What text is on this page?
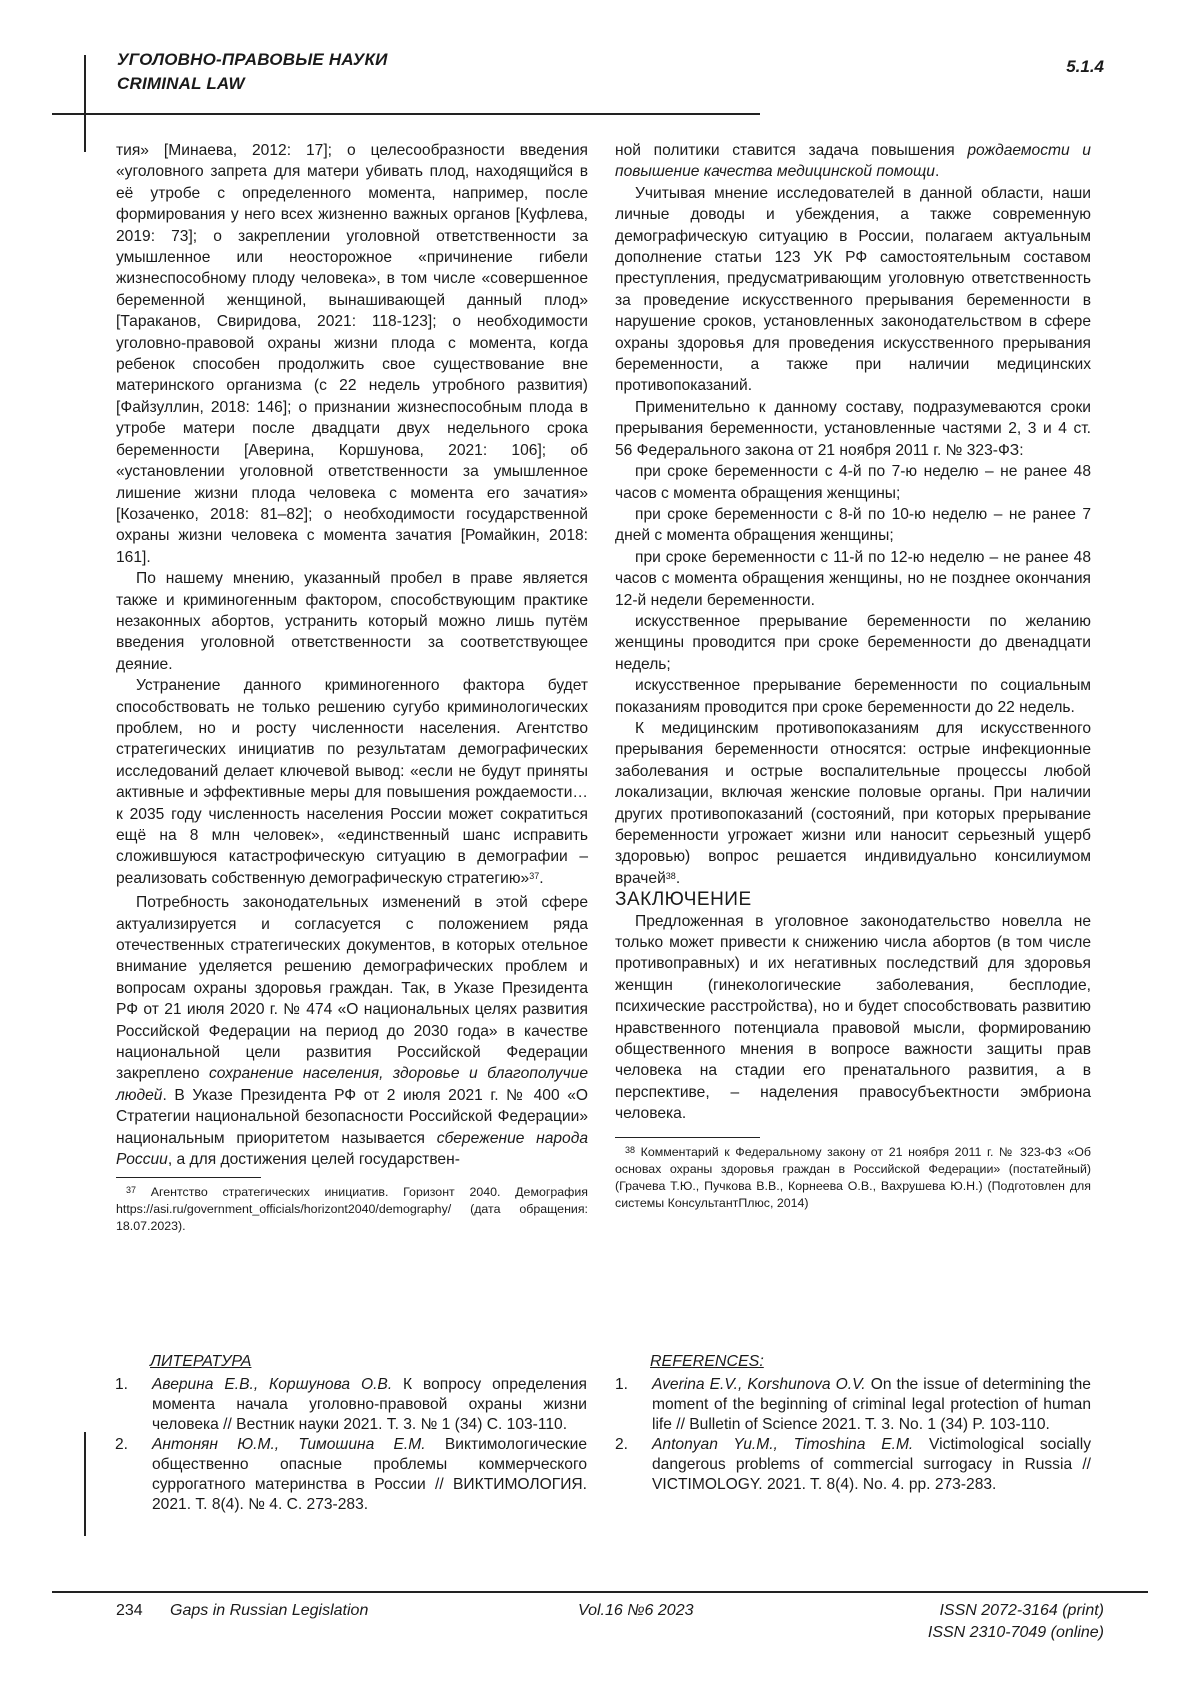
УГОЛОВНО-ПРАВОВЫЕ НАУКИ
CRIMINAL LAW
5.1.4

тия» [Минаева, 2012: 17]; о целесообразности введения «уголовного запрета для матери убивать плод, находящийся в её утробе с определенного момента, например, после формирования у него всех жизненно важных органов [Куфлева, 2019: 73]; о закреплении уголовной ответственности за умышленное или неосторожное «причинение гибели жизнеспособному плоду человека», в том числе «совершенное беременной женщиной, вынашивающей данный плод» [Тараканов, Свиридова, 2021: 118-123]; о необходимости уголовно-правовой охраны жизни плода с момента, когда ребенок способен продолжить свое существование вне материнского организма (с 22 недель утробного развития) [Файзуллин, 2018: 146]; о признании жизнеспособным плода в утробе матери после двадцати двух недельного срока беременности [Аверина, Коршунова, 2021: 106]; об «установлении уголовной ответственности за умышленное лишение жизни плода человека с момента его зачатия» [Козаченко, 2018: 81–82]; о необходимости государственной охраны жизни человека с момента зачатия [Ромайкин, 2018: 161].

По нашему мнению, указанный пробел в праве является также и криминогенным фактором, способствующим практике незаконных абортов, устранить который можно лишь путём введения уголовной ответственности за соответствующее деяние.

Устранение данного криминогенного фактора будет способствовать не только решению сугубо криминологических проблем, но и росту численности населения. Агентство стратегических инициатив по результатам демографических исследований делает ключевой вывод: «если не будут приняты активные и эффективные меры для повышения рождаемости…к 2035 году численность населения России может сократиться ещё на 8 млн человек», «единственный шанс исправить сложившуюся катастрофическую ситуацию в демографии – реализовать собственную демографическую стратегию»$^{37}$.

Потребность законодательных изменений в этой сфере актуализируется и согласуется с положением ряда отечественных стратегических документов, в которых отельное внимание уделяется решению демографических проблем и вопросам охраны здоровья граждан. Так, в Указе Президента РФ от 21 июля 2020 г. № 474 «О национальных целях развития Российской Федерации на период до 2030 года» в качестве национальной цели развития Российской Федерации закреплено сохранение населения, здоровье и благополучие людей. В Указе Президента РФ от 2 июля 2021 г. № 400 «О Стратегии национальной безопасности Российской Федерации» национальным приоритетом называется сбережение народа России, а для достижения целей государствен-

$^{37}$ Агентство стратегических инициатив. Горизонт 2040. Демография https://asi.ru/government_officials/horizont2040/demography/ (дата обращения: 18.07.2023).

ной политики ставится задача повышения рождаемости и повышение качества медицинской помощи.

Учитывая мнение исследователей в данной области, наши личные доводы и убеждения, а также современную демографическую ситуацию в России, полагаем актуальным дополнение статьи 123 УК РФ самостоятельным составом преступления, предусматривающим уголовную ответственность за проведение искусственного прерывания беременности в нарушение сроков, установленных законодательством в сфере охраны здоровья для проведения искусственного прерывания беременности, а также при наличии медицинских противопоказаний.

Применительно к данному составу, подразумеваются сроки прерывания беременности, установленные частями 2, 3 и 4 ст. 56 Федерального закона от 21 ноября 2011 г. № 323-ФЗ:

при сроке беременности с 4-й по 7-ю неделю – не ранее 48 часов с момента обращения женщины;

при сроке беременности с 8-й по 10-ю неделю – не ранее 7 дней с момента обращения женщины;

при сроке беременности с 11-й по 12-ю неделю – не ранее 48 часов с момента обращения женщины, но не позднее окончания 12-й недели беременности.

искусственное прерывание беременности по желанию женщины проводится при сроке беременности до двенадцати недель;

искусственное прерывание беременности по социальным показаниям проводится при сроке беременности до 22 недель.

К медицинским противопоказаниям для искусственного прерывания беременности относятся: острые инфекционные заболевания и острые воспалительные процессы любой локализации, включая женские половые органы. При наличии других противопоказаний (состояний, при которых прерывание беременности угрожает жизни или наносит серьезный ущерб здоровью) вопрос решается индивидуально консилиумом врачей$^{38}$.

ЗАКЛЮЧЕНИЕ

Предложенная в уголовное законодательство новелла не только может привести к снижению числа абортов (в том числе противоправных) и их негативных последствий для здоровья женщин (гинекологические заболевания, бесплодие, психические расстройства), но и будет способствовать развитию нравственного потенциала правовой мысли, формированию общественного мнения в вопросе важности защиты прав человека на стадии его пренатального развития, а в перспективе, – наделения правосубъектности эмбриона человека.

$^{38}$ Комментарий к Федеральному закону от 21 ноября 2011 г. № 323-ФЗ «Об основах охраны здоровья граждан в Российской Федерации» (постатейный) (Грачева Т.Ю., Пучкова В.В., Корнеева О.В., Вахрушева Ю.Н.) (Подготовлен для системы КонсультантПлюс, 2014)
ЛИТЕРАТУРА
1.	Аверина Е.В., Коршунова О.В. К вопросу определения момента начала уголовно-правовой охраны жизни человека // Вестник науки 2021. Т. 3. № 1 (34) С. 103-110.
2.	Антонян Ю.М., Тимошина Е.М. Виктимологические общественно опасные проблемы коммерческого суррогатного материнства в России // ВИКТИМОЛОГИЯ. 2021. Т. 8(4). № 4. С. 273-283.
REFERENCES:
1.	Averina E.V., Korshunova O.V. On the issue of determining the moment of the beginning of criminal legal protection of human life // Bulletin of Science 2021. T. 3. No. 1 (34) P. 103-110.
2.	Antonyan Yu.M., Timoshina E.M. Victimological socially dangerous problems of commercial surrogacy in Russia // VICTIMOLOGY. 2021. T. 8(4). No. 4. pp. 273-283.
234 Gaps in Russian Legislation	Vol.16 №6 2023	ISSN 2072-3164 (print)
ISSN 2310-7049 (online)
